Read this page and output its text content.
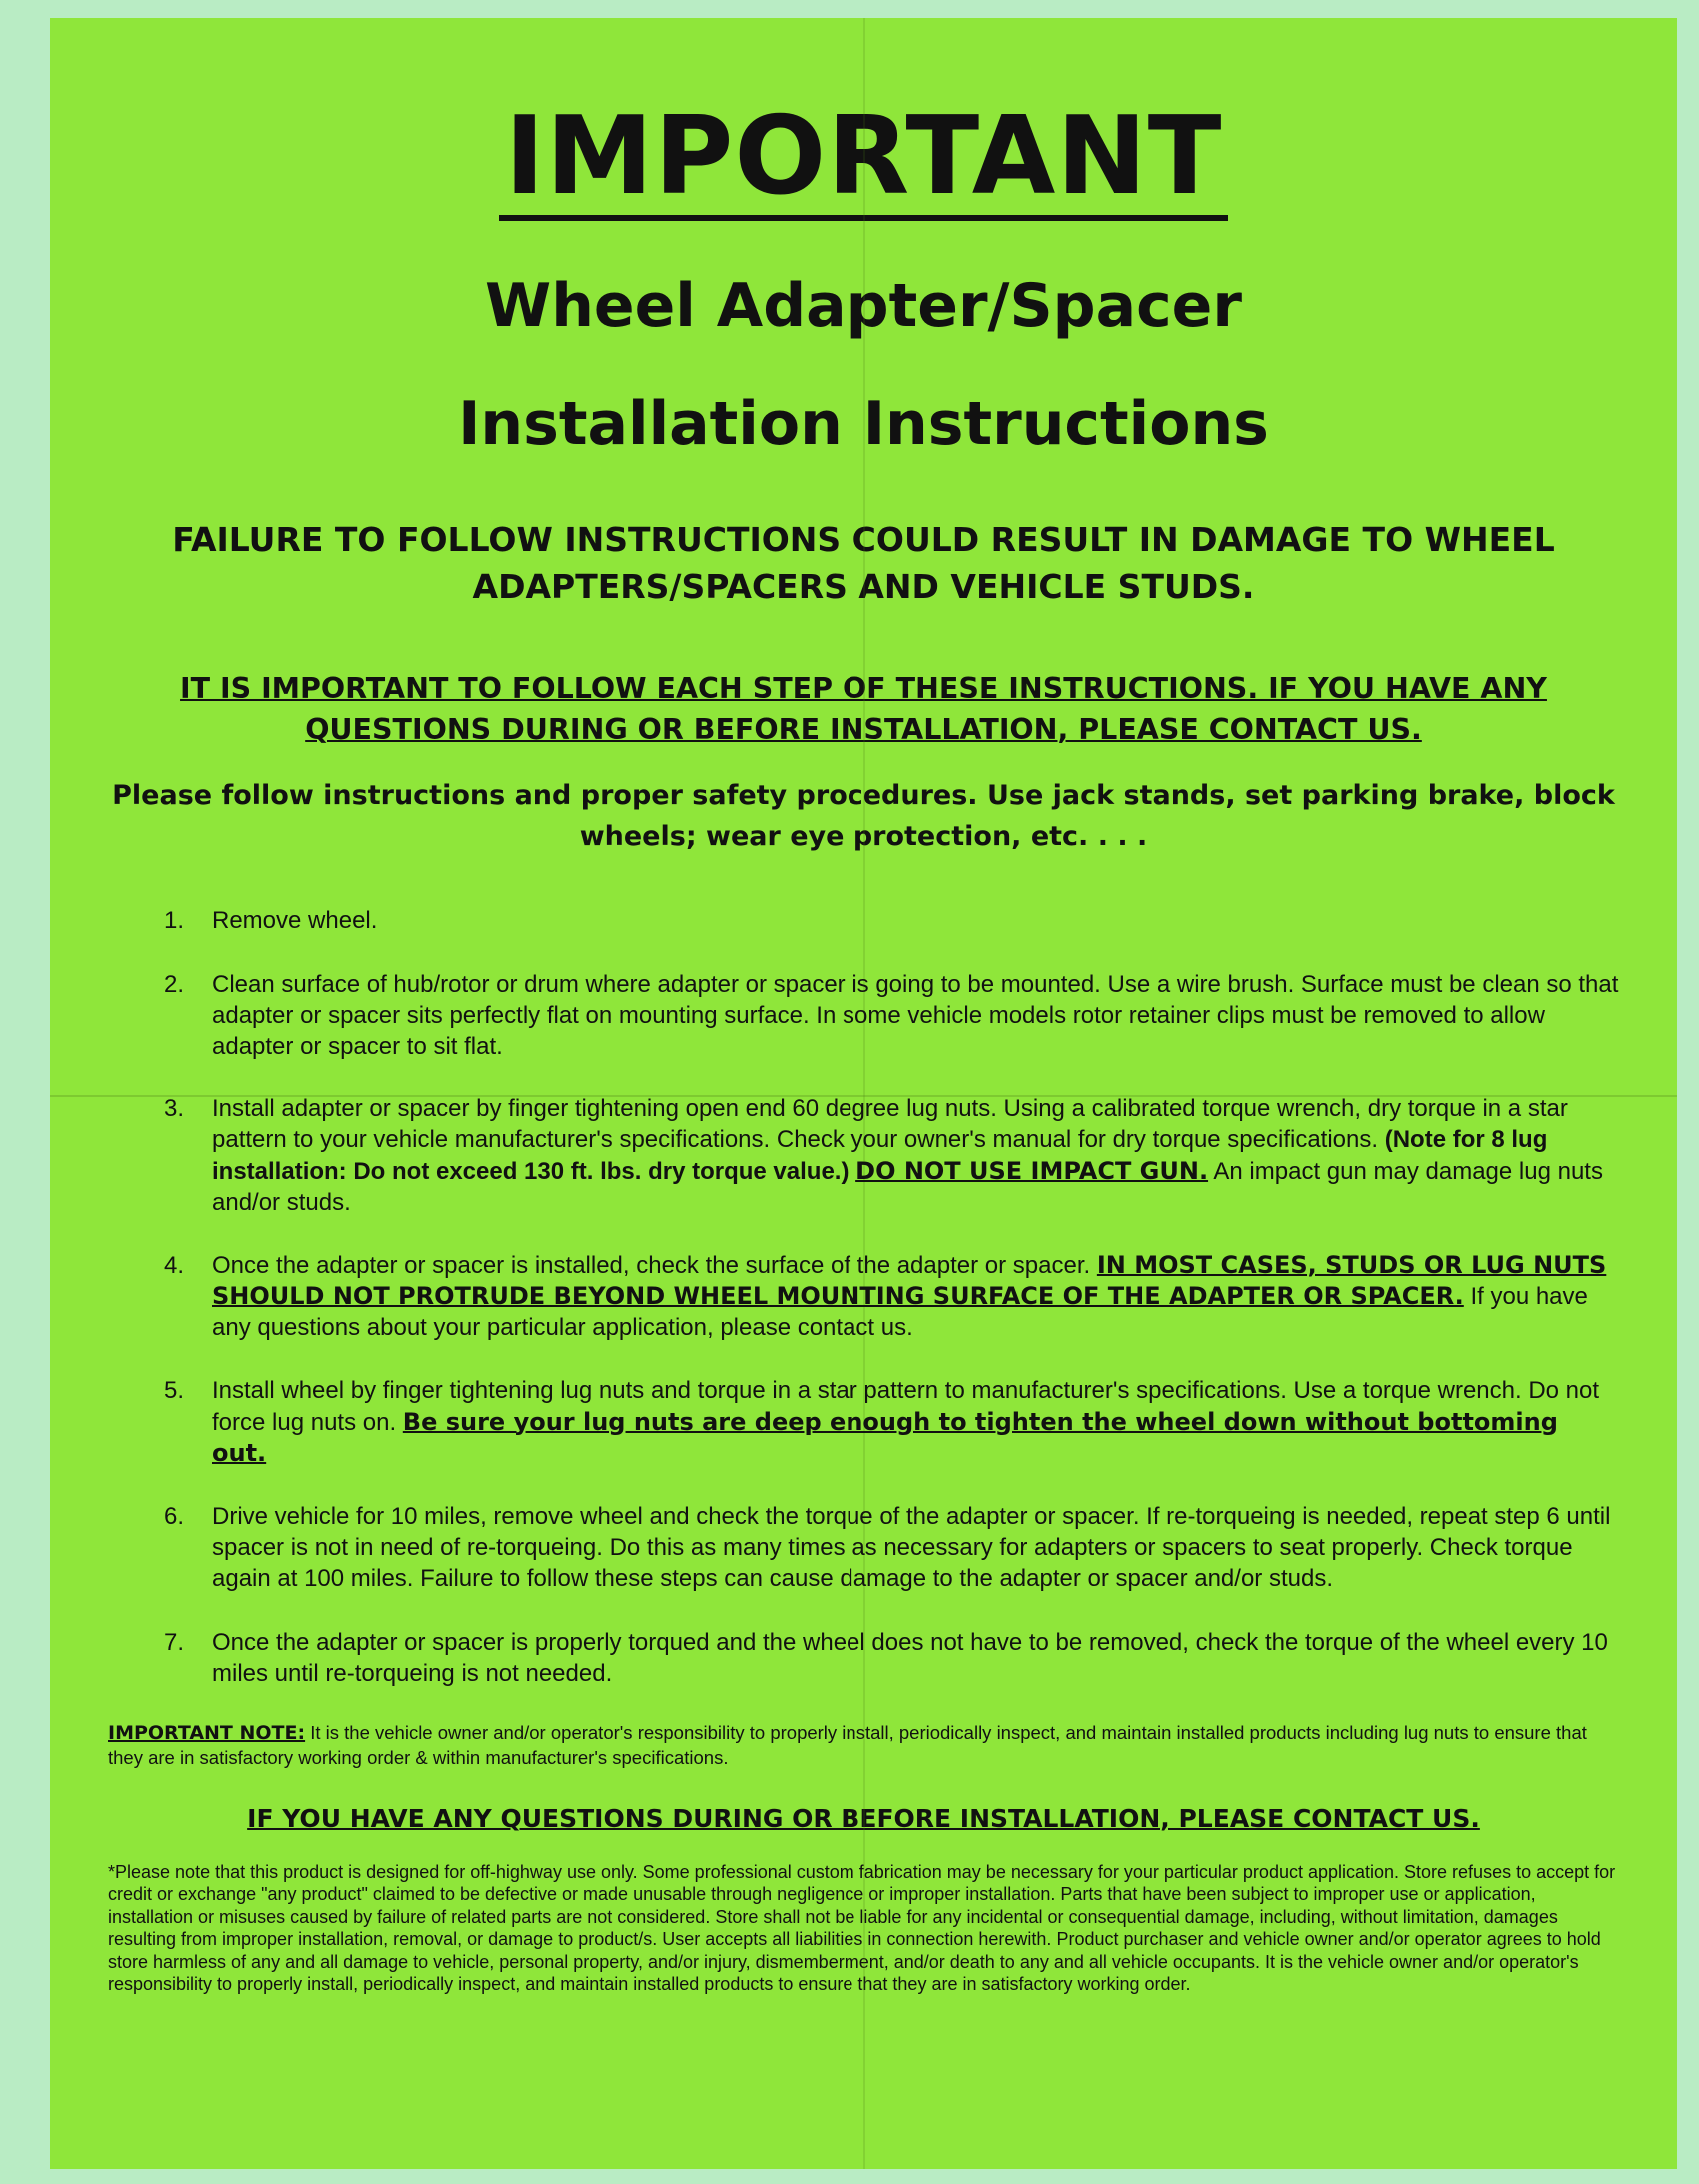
IMPORTANT
Wheel Adapter/Spacer
Installation Instructions
FAILURE TO FOLLOW INSTRUCTIONS COULD RESULT IN DAMAGE TO WHEEL ADAPTERS/SPACERS AND VEHICLE STUDS.
IT IS IMPORTANT TO FOLLOW EACH STEP OF THESE INSTRUCTIONS. IF YOU HAVE ANY QUESTIONS DURING OR BEFORE INSTALLATION, PLEASE CONTACT US.
Please follow instructions and proper safety procedures. Use jack stands, set parking brake, block wheels; wear eye protection, etc. . . .
1. Remove wheel.
2. Clean surface of hub/rotor or drum where adapter or spacer is going to be mounted. Use a wire brush. Surface must be clean so that adapter or spacer sits perfectly flat on mounting surface. In some vehicle models rotor retainer clips must be removed to allow adapter or spacer to sit flat.
3. Install adapter or spacer by finger tightening open end 60 degree lug nuts. Using a calibrated torque wrench, dry torque in a star pattern to your vehicle manufacturer's specifications. Check your owner's manual for dry torque specifications. (Note for 8 lug installation: Do not exceed 130 ft. lbs. dry torque value.) DO NOT USE IMPACT GUN. An impact gun may damage lug nuts and/or studs.
4. Once the adapter or spacer is installed, check the surface of the adapter or spacer. IN MOST CASES, STUDS OR LUG NUTS SHOULD NOT PROTRUDE BEYOND WHEEL MOUNTING SURFACE OF THE ADAPTER OR SPACER. If you have any questions about your particular application, please contact us.
5. Install wheel by finger tightening lug nuts and torque in a star pattern to manufacturer's specifications. Use a torque wrench. Do not force lug nuts on. Be sure your lug nuts are deep enough to tighten the wheel down without bottoming out.
6. Drive vehicle for 10 miles, remove wheel and check the torque of the adapter or spacer. If re-torqueing is needed, repeat step 6 until spacer is not in need of re-torqueing. Do this as many times as necessary for adapters or spacers to seat properly. Check torque again at 100 miles. Failure to follow these steps can cause damage to the adapter or spacer and/or studs.
7. Once the adapter or spacer is properly torqued and the wheel does not have to be removed, check the torque of the wheel every 10 miles until re-torqueing is not needed.
IMPORTANT NOTE: It is the vehicle owner and/or operator's responsibility to properly install, periodically inspect, and maintain installed products including lug nuts to ensure that they are in satisfactory working order & within manufacturer's specifications.
IF YOU HAVE ANY QUESTIONS DURING OR BEFORE INSTALLATION, PLEASE CONTACT US.
*Please note that this product is designed for off-highway use only. Some professional custom fabrication may be necessary for your particular product application. Store refuses to accept for credit or exchange "any product" claimed to be defective or made unusable through negligence or improper installation. Parts that have been subject to improper use or application, installation or misuses caused by failure of related parts are not considered. Store shall not be liable for any incidental or consequential damage, including, without limitation, damages resulting from improper installation, removal, or damage to product/s. User accepts all liabilities in connection herewith. Product purchaser and vehicle owner and/or operator agrees to hold store harmless of any and all damage to vehicle, personal property, and/or injury, dismemberment, and/or death to any and all vehicle occupants. It is the vehicle owner and/or operator's responsibility to properly install, periodically inspect, and maintain installed products to ensure that they are in satisfactory working order.
